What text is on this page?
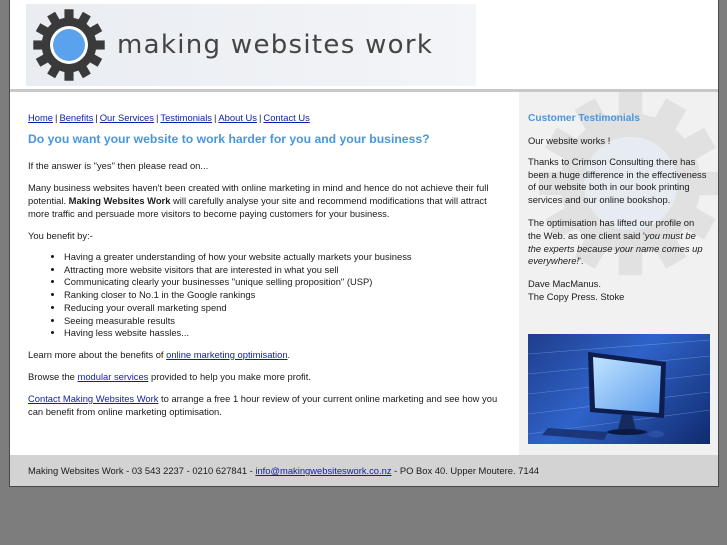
making websites work
Home | Benefits | Our Services | Testimonials | About Us | Contact Us
Do you want your website to work harder for you and your business?

If the answer is "yes" then please read on...

Many business websites haven't been created with online marketing in mind and hence do not achieve their full potential. Making Websites Work will carefully analyse your site and recommend modifications that will attract more traffic and persuade more visitors to become paying customers for your business.

You benefit by:-

• Having a greater understanding of how your website actually markets your business
• Attracting more website visitors that are interested in what you sell
• Communicating clearly your businesses "unique selling proposition" (USP)
• Ranking closer to No.1 in the Google rankings
• Reducing your overall marketing spend
• Seeing measurable results
• Having less website hassles...

Learn more about the benefits of online marketing optimisation.

Browse the modular services provided to help you make more profit.

Contact Making Websites Work to arrange a free 1 hour review of your current online marketing and see how you can benefit from online marketing optimisation.

Customer Testimonials

Our website works !

Thanks to Crimson Consulting there has been a huge difference in the effectiveness of our website both in our book printing services and our online bookshop.

The optimisation has lifted our profile on the Web. as one client said 'you must be the experts because your name comes up everywhere!'.

Dave MacManus.
The Copy Press. Stoke

Making Websites Work - 03 543 2237 - 0210 627841 - info@makingwebsiteswork.co.nz - PO Box 40. Upper Moutere. 7144
